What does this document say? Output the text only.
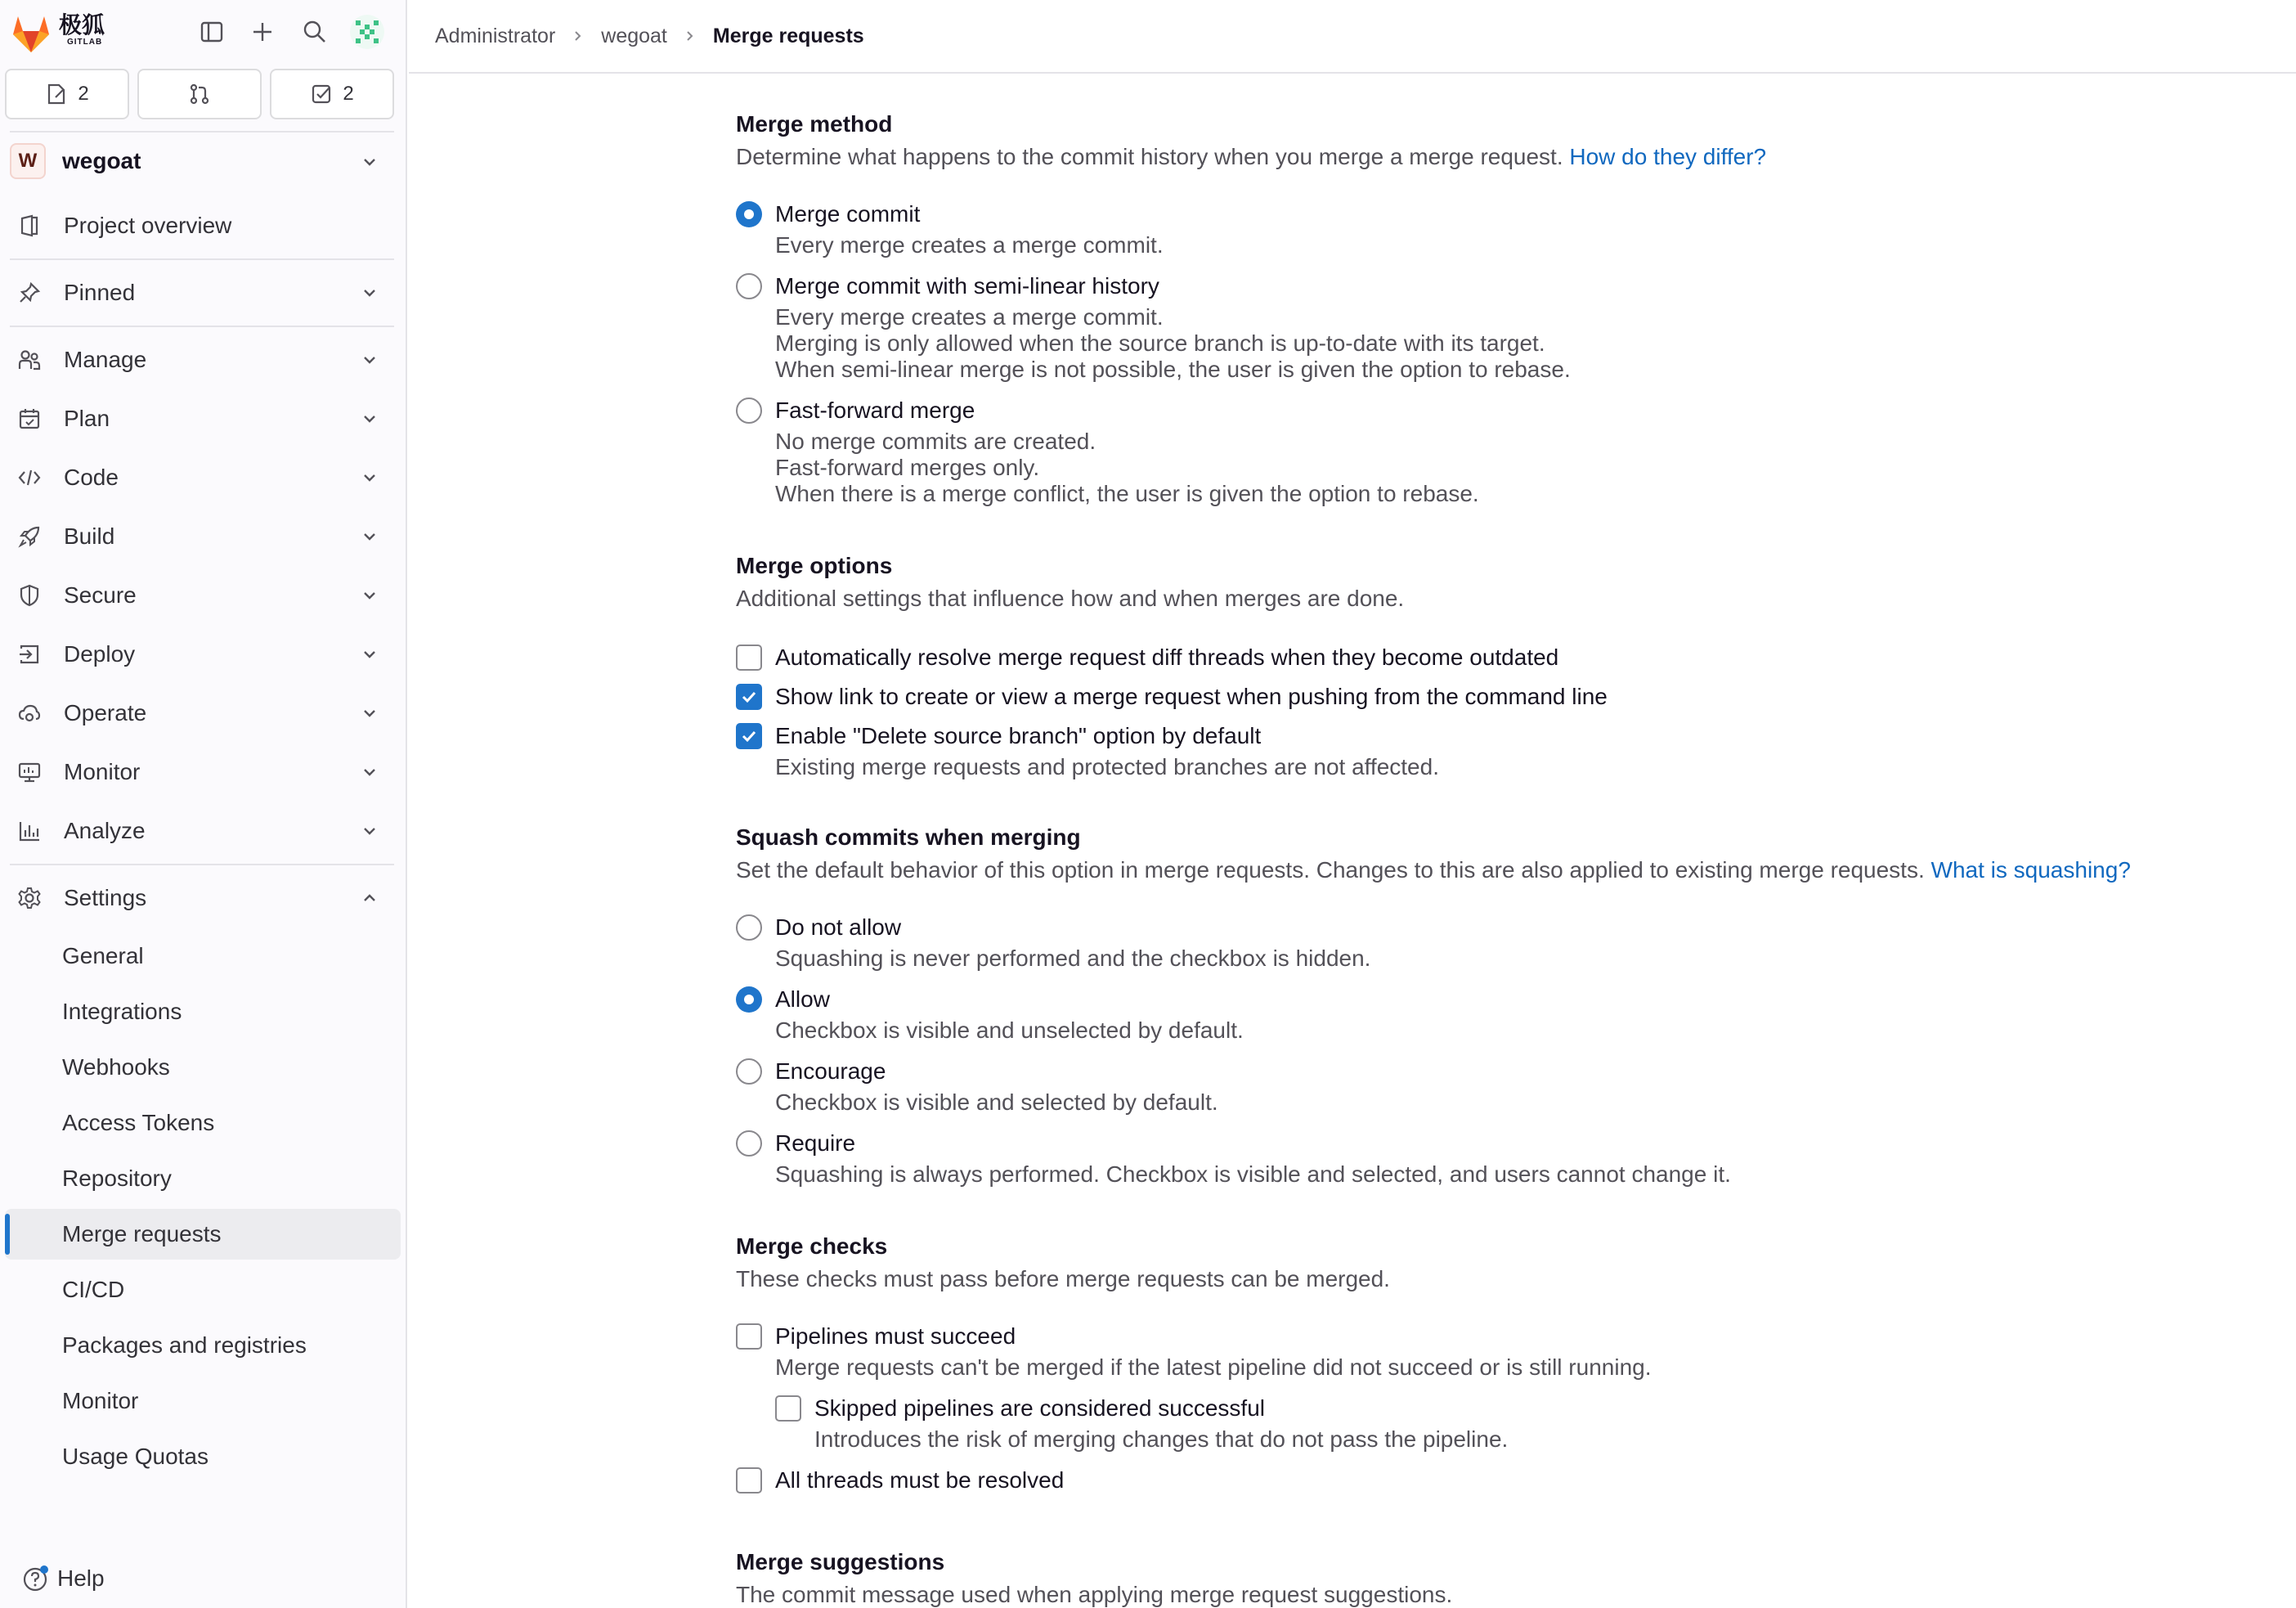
极狐
GITLAB
2	2
W	wegoat
Project overview
Pinned
Manage
Plan
Code
Build
Secure
Deploy
Operate
Monitor
Analyze
Settings
General
Integrations
Webhooks
Access Tokens
Repository
Merge requests
CI/CD
Packages and registries
Monitor
Usage Quotas
Help
Administrator wegoat Merge requests
Merge method
Determine what happens to the commit history when you merge a merge request. How do they differ?
Merge commit
Every merge creates a merge commit.
Merge commit with semi-linear history
Every merge creates a merge commit.
Merging is only allowed when the source branch is up-to-date with its target.
When semi-linear merge is not possible, the user is given the option to rebase.
Fast-forward merge
No merge commits are created.
Fast-forward merges only.
When there is a merge conflict, the user is given the option to rebase.
Merge options
Additional settings that influence how and when merges are done.
Automatically resolve merge request diff threads when they become outdated
Show link to create or view a merge request when pushing from the command line
Enable "Delete source branch" option by default
Existing merge requests and protected branches are not affected.
Squash commits when merging
Set the default behavior of this option in merge requests. Changes to this are also applied to existing merge requests. What is squashing?
Do not allow
Squashing is never performed and the checkbox is hidden.
Allow
Checkbox is visible and unselected by default.
Encourage
Checkbox is visible and selected by default.
Require
Squashing is always performed. Checkbox is visible and selected, and users cannot change it.
Merge checks
These checks must pass before merge requests can be merged.
Pipelines must succeed
Merge requests can't be merged if the latest pipeline did not succeed or is still running.
Skipped pipelines are considered successful
Introduces the risk of merging changes that do not pass the pipeline.
All threads must be resolved
Merge suggestions
The commit message used when applying merge request suggestions.
